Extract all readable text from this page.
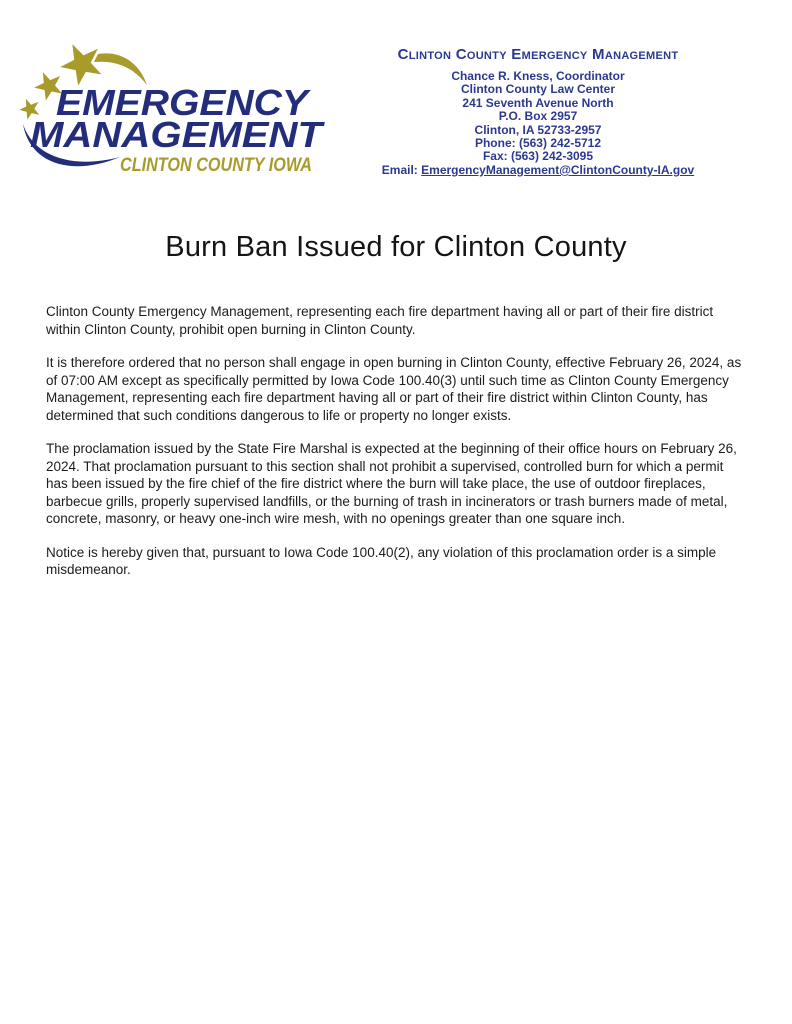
EMERGENCY
MANAGEMENT
CLINTON COUNTY IOWA
Clinton County Emergency Management
Chance R. Kness, Coordinator
Clinton County Law Center
241 Seventh Avenue North
P.O. Box 2957
Clinton, IA 52733-2957
Phone: (563) 242-5712
Fax: (563) 242-3095
Email: EmergencyManagement@ClintonCounty-IA.gov
Burn Ban Issued for Clinton County

Clinton County Emergency Management, representing each fire department having all or part of their fire district within Clinton County, prohibit open burning in Clinton County.

It is therefore ordered that no person shall engage in open burning in Clinton County, effective February 26, 2024, as of 07:00 AM except as specifically permitted by Iowa Code 100.40(3) until such time as Clinton County Emergency Management, representing each fire department having all or part of their fire district within Clinton County, has determined that such conditions dangerous to life or property no longer exists.

The proclamation issued by the State Fire Marshal is expected at the beginning of their office hours on February 26, 2024. That proclamation pursuant to this section shall not prohibit a supervised, controlled burn for which a permit has been issued by the fire chief of the fire district where the burn will take place, the use of outdoor fireplaces, barbecue grills, properly supervised landfills, or the burning of trash in incinerators or trash burners made of metal, concrete, masonry, or heavy one-inch wire mesh, with no openings greater than one square inch.

Notice is hereby given that, pursuant to Iowa Code 100.40(2), any violation of this proclamation order is a simple misdemeanor.
